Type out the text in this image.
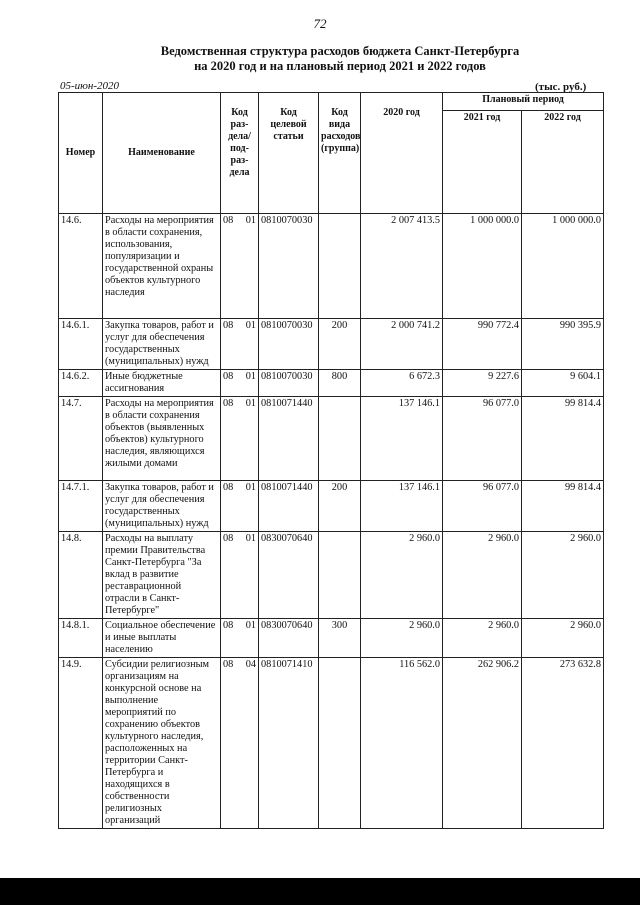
72
Ведомственная структура расходов бюджета Санкт-Петербурга
на 2020 год и на плановый период 2021 и 2022 годов
05-июн-2020	(тыс. руб.)
Номер	Наименование	Код раз- дела/ под- раз- дела		Код целевой статьи	Код вида расходов (группа)	2020 год	Плановый период	
							2021 год	2022 год
14.6.	Расходы на мероприятия в области сохранения, использования, популяризации и государственной охраны объектов культурного наследия	08	01	0810070030		2 007 413.5	1 000 000.0	1 000 000.0
14.6.1.	Закупка товаров, работ и услуг для обеспечения государственных (муниципальных) нужд	08	01	0810070030	200	2 000 741.2	990 772.4	990 395.9
14.6.2.	Иные бюджетные ассигнования	08	01	0810070030	800	6 672.3	9 227.6	9 604.1
14.7.	Расходы на мероприятия в области сохранения объектов (выявленных объектов) культурного наследия, являющихся жилыми домами	08	01	0810071440		137 146.1	96 077.0	99 814.4
14.7.1.	Закупка товаров, работ и услуг для обеспечения государственных (муниципальных) нужд	08	01	0810071440	200	137 146.1	96 077.0	99 814.4
14.8.	Расходы на выплату премии Правительства Санкт-Петербурга "За вклад в развитие реставрационной отрасли в Санкт-Петербурге"	08	01	0830070640		2 960.0	2 960.0	2 960.0
14.8.1.	Социальное обеспечение и иные выплаты населению	08	01	0830070640	300	2 960.0	2 960.0	2 960.0
14.9.	Субсидии религиозным организациям на конкурсной основе на выполнение мероприятий по сохранению объектов культурного наследия, расположенных на территории Санкт-Петербурга и находящихся в собственности религиозных организаций	08	04	0810071410		116 562.0	262 906.2	273 632.8
